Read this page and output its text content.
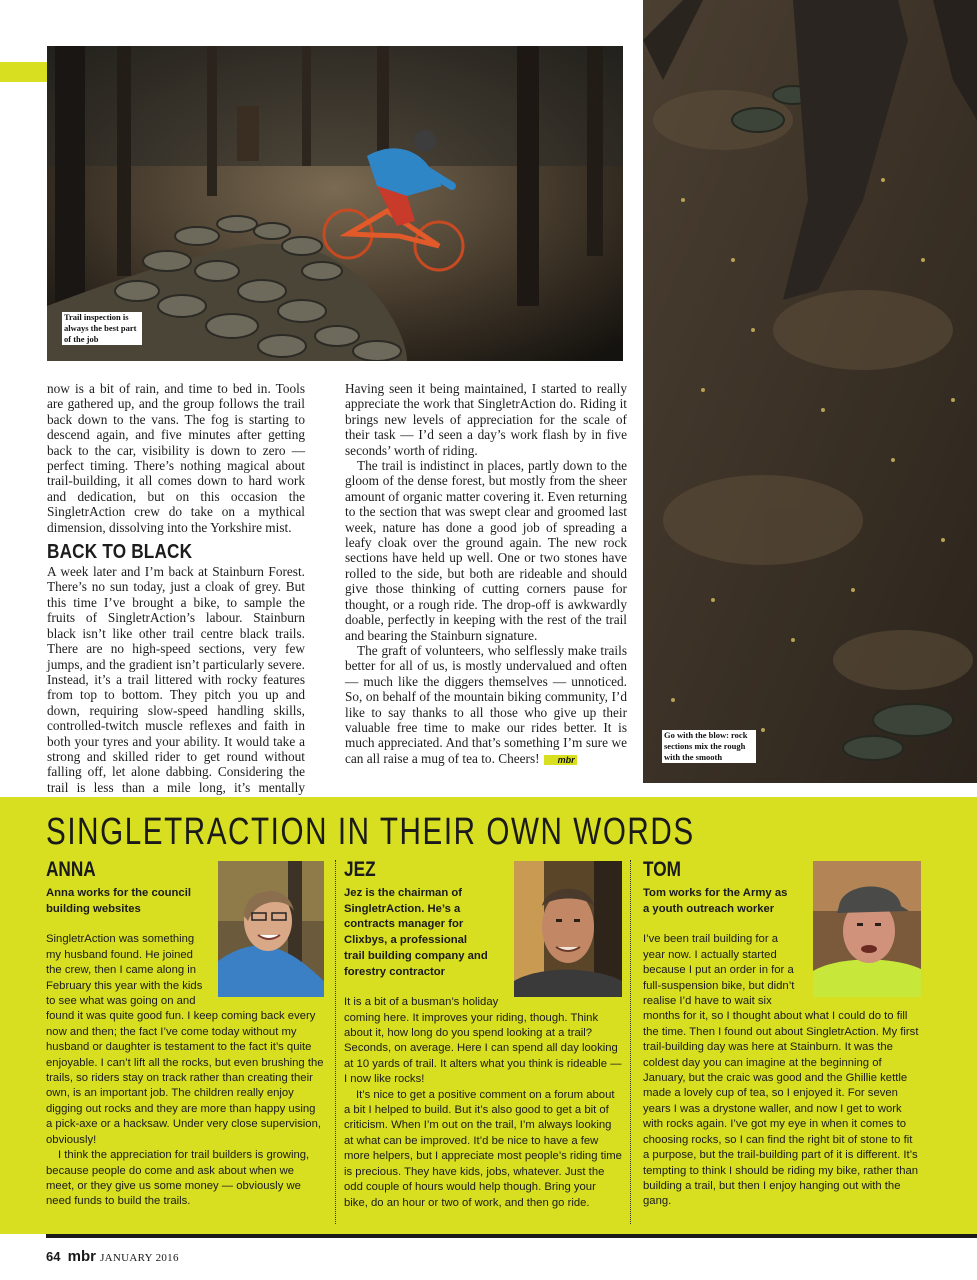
Trail inspection is
always the best part
of the job
Go with the blow: rock
sections mix the rough
with the smooth

now is a bit of rain, and time to bed in. Tools are gathered up, and the group follows the trail back down to the vans. The fog is starting to descend again, and five minutes after getting back to the car, visibility is down to zero — perfect timing. There’s nothing magical about trail-building, it all comes down to hard work and dedication, but on this occasion the SingletrAction crew do take on a mythical dimension, dissolving into the Yorkshire mist.

BACK TO BLACK

A week later and I’m back at Stainburn Forest. There’s no sun today, just a cloak of grey. But this time I’ve brought a bike, to sample the fruits of SingletrAction’s labour. Stainburn black isn’t like other trail centre black trails. There are no high-speed sections, very few jumps, and the gradient isn’t particularly severe. Instead, it’s a trail littered with rocky features from top to bottom. They pitch you up and down, requiring slow-speed handling skills, controlled-twitch muscle reflexes and faith in both your tyres and your ability. It would take a strong and skilled rider to get round without falling off, let alone dabbing. Considering the trail is less than a mile long, it’s mentally

Having seen it being maintained, I started to really appreciate the work that SingletrAction do. Riding it brings new levels of appreciation for the scale of their task — I’d seen a day’s work flash by in five seconds’ worth of riding.

The trail is indistinct in places, partly down to the gloom of the dense forest, but mostly from the sheer amount of organic matter covering it. Even returning to the section that was swept clear and groomed last week, nature has done a good job of spreading a leafy cloak over the ground again. The new rock sections have held up well. One or two stones have rolled to the side, but both are rideable and should give those thinking of cutting corners pause for thought, or a rough ride. The drop-off is awkwardly doable, perfectly in keeping with the rest of the trail and bearing the Stainburn signature.

The graft of volunteers, who selflessly make trails better for all of us, is mostly undervalued and often — much like the diggers themselves — unnoticed. So, on behalf of the mountain biking community, I’d like to say thanks to all those who give up their valuable free time to make our rides better. It is much appreciated. And that’s something I’m sure we can all raise a mug of tea to. Cheers! mbr

SINGLETRACTION IN THEIR OWN WORDS
ANNA

Anna works for the council
building websites

SingletrAction was something my husband found. He joined the crew, then I came along in February this year with the kids to see what was going on and found it was quite good fun. I keep coming back every now and then; the fact I’ve come today without my husband or daughter is testament to the fact it’s quite enjoyable. I can’t lift all the rocks, but even brushing the trails, so riders stay on track rather than creating their own, is an important job. The children really enjoy digging out rocks and they are more than happy using a pick-axe or a hacksaw. Under very close supervision, obviously!

I think the appreciation for trail builders is growing, because people do come and ask about when we meet, or they give us some money — obviously we need funds to build the trails.

JEZ

Jez is the chairman of
SingletrAction. He’s a
contracts manager for
Clixbys, a professional
trail building company and
forestry contractor

It is a bit of a busman’s holiday coming here. It improves your riding, though. Think about it, how long do you spend looking at a trail? Seconds, on average. Here I can spend all day looking at 10 yards of trail. It alters what you think is rideable — I now like rocks!

It’s nice to get a positive comment on a forum about a bit I helped to build. But it’s also good to get a bit of criticism. When I’m out on the trail, I’m always looking at what can be improved. It’d be nice to have a few more helpers, but I appreciate most people’s riding time is precious. They have kids, jobs, whatever. Just the odd couple of hours would help though. Bring your bike, do an hour or two of work, and then go ride.

TOM

Tom works for the Army as
a youth outreach worker

I’ve been trail building for a year now. I actually started because I put an order in for a full-suspension bike, but didn’t realise I’d have to wait six months for it, so I thought about what I could do to fill the time. Then I found out about SingletrAction. My first trail-building day was here at Stainburn. It was the coldest day you can imagine at the beginning of January, but the craic was good and the Ghillie kettle made a lovely cup of tea, so I enjoyed it. For seven years I was a drystone waller, and now I get to work with rocks again. I’ve got my eye in when it comes to choosing rocks, so I can find the right bit of stone to fit a purpose, but the trail-building part of it is different. It’s tempting to think I should be riding my bike, rather than building a trail, but then I enjoy hanging out with the gang.

64 mbr JANUARY 2016
